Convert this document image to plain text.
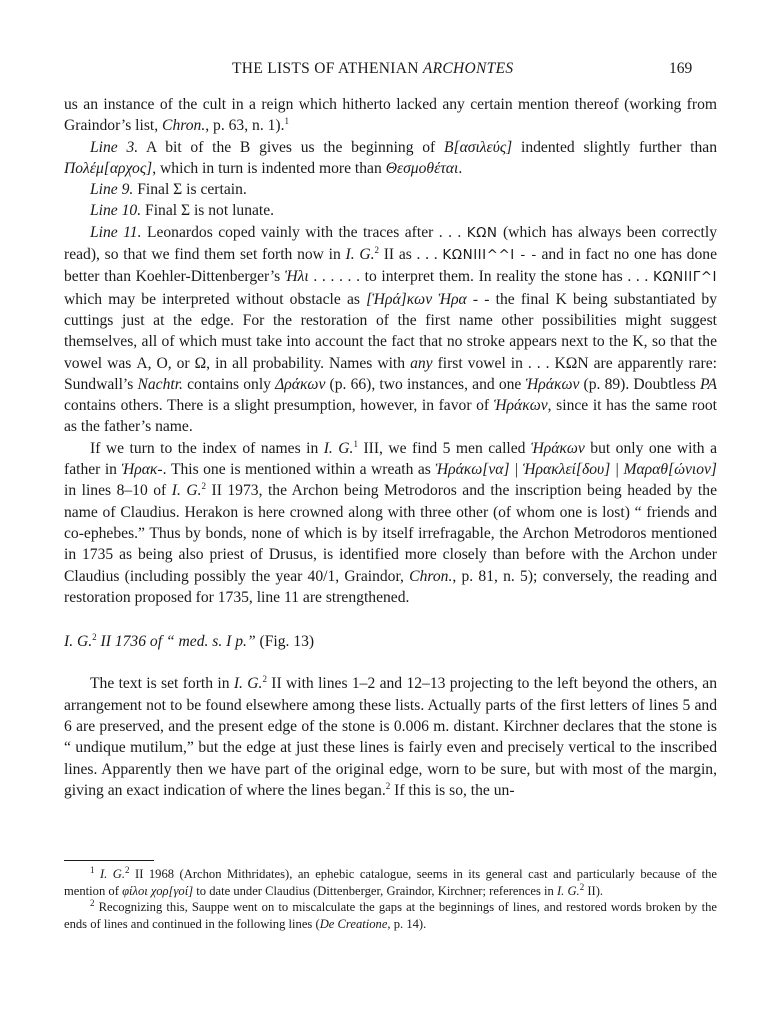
THE LISTS OF ATHENIAN ARCHONTES	169

us an instance of the cult in a reign which hitherto lacked any certain mention thereof (working from Graindor’s list, Chron., p. 63, n. 1).$^1$

Line 3. A bit of the B gives us the beginning of Β[ασιλεύς] indented slightly further than Πολέμ[αρχος], which in turn is indented more than Θεσμοθέται.

Line 9. Final Σ is certain.

Line 10. Final Σ is not lunate.

Line 11. Leonardos coped vainly with the traces after . . . ΚΩΝ (which has always been correctly read), so that we find them set forth now in I. G.$^2$ II as . . . ΚΩΝΙΙΙ^^Ι - - and in fact no one has done better than Koehler-Dittenberger’s Ἡλι . . . . . . to interpret them. In reality the stone has . . . ΚΩΝΙΙΓ^Ι which may be interpreted without obstacle as [Ἡρά]κων Ἡρα - - the final Κ being substantiated by cuttings just at the edge. For the restoration of the first name other possibilities might suggest themselves, all of which must take into account the fact that no stroke appears next to the Κ, so that the vowel was Α, Ο, or Ω, in all probability. Names with any first vowel in . . . ΚΩΝ are apparently rare: Sundwall’s Nachtr. contains only Δράκων (p. 66), two instances, and one Ἡράκων (p. 89). Doubtless PA contains others. There is a slight presumption, however, in favor of Ἡράκων, since it has the same root as the father’s name.

If we turn to the index of names in I. G.$^1$ III, we find 5 men called Ἡράκων but only one with a father in Ἡρακ-. This one is mentioned within a wreath as Ἡράκω[να] | Ἡρακλεί[δου] | Μαραθ[ώνιον] in lines 8–10 of I. G.$^2$ II 1973, the Archon being Metrodoros and the inscription being headed by the name of Claudius. Herakon is here crowned along with three other (of whom one is lost) “ friends and co-ephebes.” Thus by bonds, none of which is by itself irrefragable, the Archon Metrodoros mentioned in 1735 as being also priest of Drusus, is identified more closely than before with the Archon under Claudius (including possibly the year 40/1, Graindor, Chron., p. 81, n. 5); conversely, the reading and restoration proposed for 1735, line 11 are strengthened.

I. G.$^2$ II 1736 of “ med. s. I p.” (Fig. 13)

The text is set forth in I. G.$^2$ II with lines 1–2 and 12–13 projecting to the left beyond the others, an arrangement not to be found elsewhere among these lists. Actually parts of the first letters of lines 5 and 6 are preserved, and the present edge of the stone is 0.006 m. distant. Kirchner declares that the stone is “ undique mutilum,” but the edge at just these lines is fairly even and precisely vertical to the inscribed lines. Apparently then we have part of the original edge, worn to be sure, but with most of the margin, giving an exact indication of where the lines began.$^2$ If this is so, the un-

$^1$ I. G.$^2$ II 1968 (Archon Mithridates), an ephebic catalogue, seems in its general cast and particularly because of the mention of φίλοι χορ[γοί] to date under Claudius (Dittenberger, Graindor, Kirchner; references in I. G.$^2$ II).

$^2$ Recognizing this, Sauppe went on to miscalculate the gaps at the beginnings of lines, and restored words broken by the ends of lines and continued in the following lines (De Creatione, p. 14).
